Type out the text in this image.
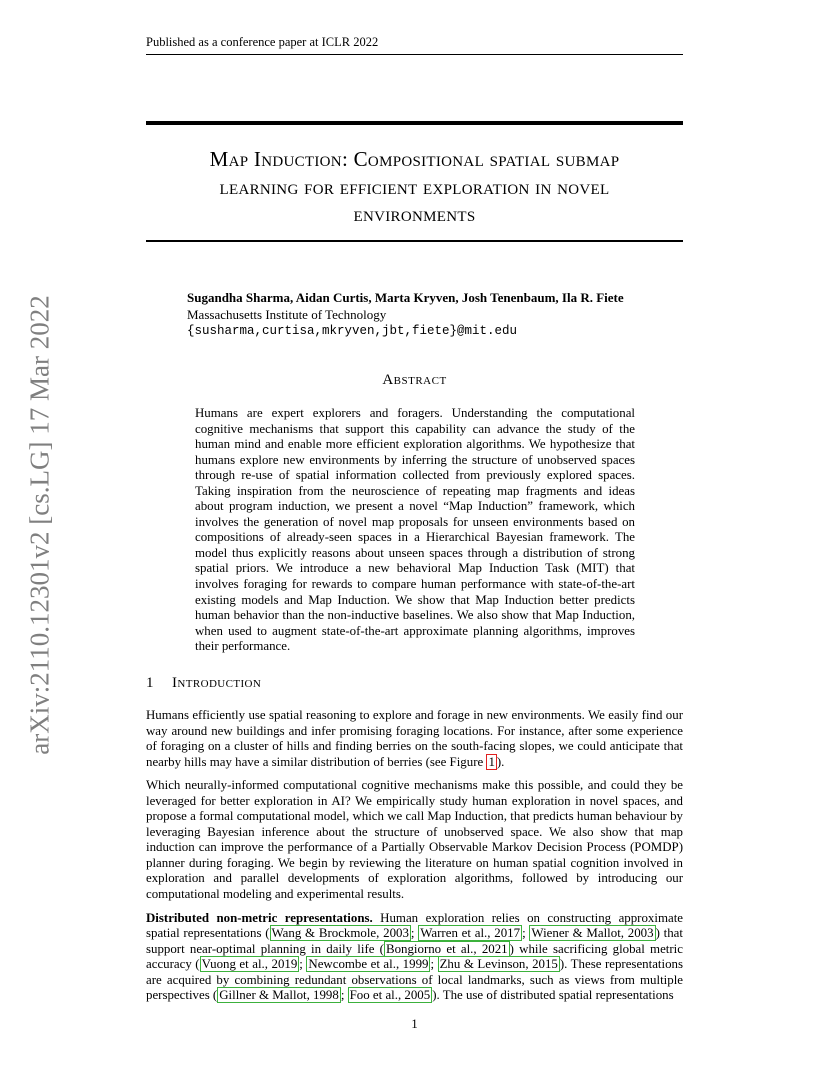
Published as a conference paper at ICLR 2022
arXiv:2110.12301v2 [cs.LG] 17 Mar 2022
Map Induction: Compositional spatial submap
learning for efficient exploration in novel
environments
Sugandha Sharma, Aidan Curtis, Marta Kryven, Josh Tenenbaum, Ila R. Fiete
Massachusetts Institute of Technology
{susharma,curtisa,mkryven,jbt,fiete}@mit.edu
Abstract
Humans are expert explorers and foragers. Understanding the computational cognitive mechanisms that support this capability can advance the study of the human mind and enable more efficient exploration algorithms. We hypothesize that humans explore new environments by inferring the structure of unobserved spaces through re-use of spatial information collected from previously explored spaces. Taking inspiration from the neuroscience of repeating map fragments and ideas about program induction, we present a novel “Map Induction” framework, which involves the generation of novel map proposals for unseen environments based on compositions of already-seen spaces in a Hierarchical Bayesian framework. The model thus explicitly reasons about unseen spaces through a distribution of strong spatial priors. We introduce a new behavioral Map Induction Task (MIT) that involves foraging for rewards to compare human performance with state-of-the-art existing models and Map Induction. We show that Map Induction better predicts human behavior than the non-inductive baselines. We also show that Map Induction, when used to augment state-of-the-art approximate planning algorithms, improves their performance.
1 Introduction

Humans efficiently use spatial reasoning to explore and forage in new environments. We easily find our way around new buildings and infer promising foraging locations. For instance, after some experience of foraging on a cluster of hills and finding berries on the south-facing slopes, we could anticipate that nearby hills may have a similar distribution of berries (see Figure 1 ).

Which neurally-informed computational cognitive mechanisms make this possible, and could they be leveraged for better exploration in AI? We empirically study human exploration in novel spaces, and propose a formal computational model, which we call Map Induction, that predicts human behaviour by leveraging Bayesian inference about the structure of unobserved space. We also show that map induction can improve the performance of a Partially Observable Markov Decision Process (POMDP) planner during foraging. We begin by reviewing the literature on human spatial cognition involved in exploration and parallel developments of exploration algorithms, followed by introducing our computational modeling and experimental results.

Distributed non-metric representations. Human exploration relies on constructing approximate spatial representations ( Wang & Brockmole, 2003 ; Warren et al., 2017 ; Wiener & Mallot, 2003 ) that support near-optimal planning in daily life ( Bongiorno et al., 2021 ) while sacrificing global metric accuracy ( Vuong et al., 2019 ; Newcombe et al., 1999 ; Zhu & Levinson, 2015 ). These representations are acquired by combining redundant observations of local landmarks, such as views from multiple perspectives ( Gillner & Mallot, 1998 ; Foo et al., 2005 ). The use of distributed spatial representations

1
